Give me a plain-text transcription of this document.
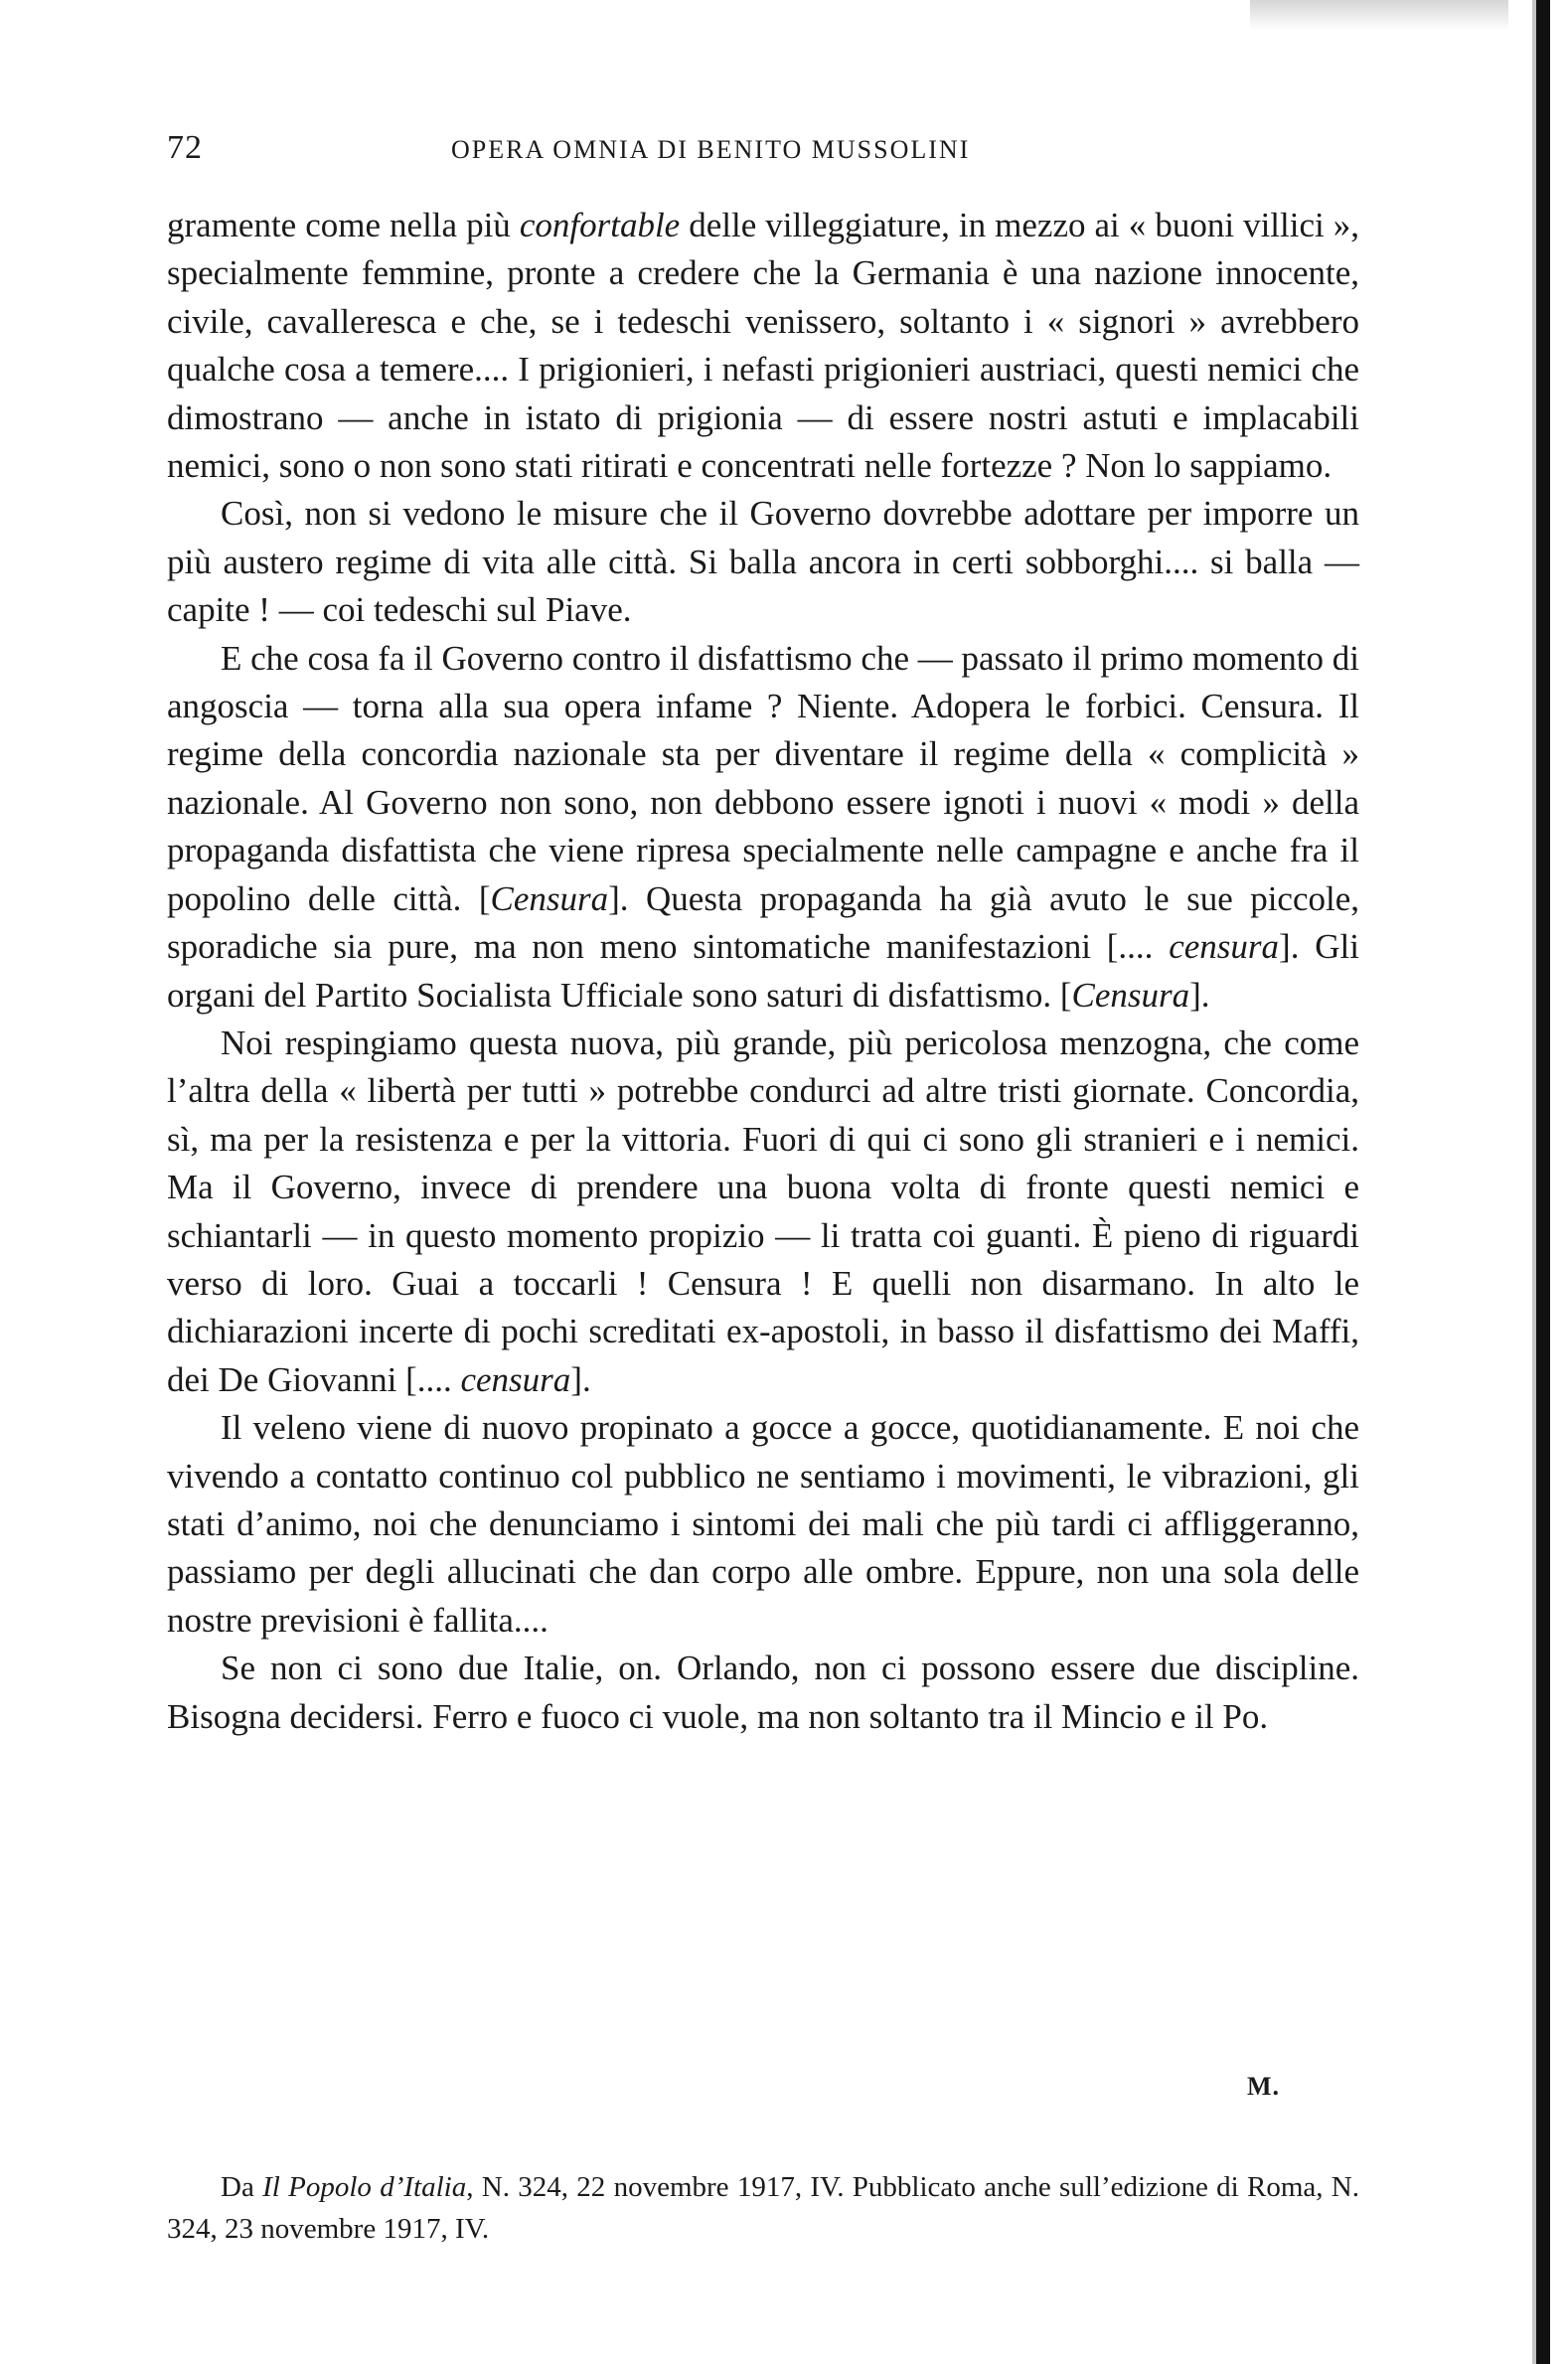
72	OPERA OMNIA DI BENITO MUSSOLINI

gramente come nella più confortable delle villeggiature, in mezzo ai « buoni villici », specialmente femmine, pronte a credere che la Germania è una nazione innocente, civile, cavalleresca e che, se i tedeschi venissero, soltanto i « signori » avrebbero qualche cosa a temere.... I prigionieri, i nefasti prigionieri austriaci, questi nemici che dimostrano — anche in istato di prigionia — di essere nostri astuti e implacabili nemici, sono o non sono stati ritirati e concentrati nelle fortezze ? Non lo sappiamo.

Così, non si vedono le misure che il Governo dovrebbe adottare per imporre un più austero regime di vita alle città. Si balla ancora in certi sobborghi.... si balla — capite ! — coi tedeschi sul Piave.

E che cosa fa il Governo contro il disfattismo che — passato il primo momento di angoscia — torna alla sua opera infame ? Niente. Adopera le forbici. Censura. Il regime della concordia nazionale sta per diventare il regime della « complicità » nazionale. Al Governo non sono, non debbono essere ignoti i nuovi « modi » della propaganda disfattista che viene ripresa specialmente nelle campagne e anche fra il popolino delle città. [Censura]. Questa propaganda ha già avuto le sue piccole, sporadiche sia pure, ma non meno sintomatiche manifestazioni [.... censura]. Gli organi del Partito Socialista Ufficiale sono saturi di disfattismo. [Censura].

Noi respingiamo questa nuova, più grande, più pericolosa menzogna, che come l’altra della « libertà per tutti » potrebbe condurci ad altre tristi giornate. Concordia, sì, ma per la resistenza e per la vittoria. Fuori di qui ci sono gli stranieri e i nemici. Ma il Governo, invece di prendere una buona volta di fronte questi nemici e schiantarli — in questo momento propizio — li tratta coi guanti. È pieno di riguardi verso di loro. Guai a toccarli ! Censura ! E quelli non disarmano. In alto le dichiarazioni incerte di pochi screditati ex-apostoli, in basso il disfattismo dei Maffi, dei De Giovanni [.... censura].

Il veleno viene di nuovo propinato a gocce a gocce, quotidianamente. E noi che vivendo a contatto continuo col pubblico ne sentiamo i movimenti, le vibrazioni, gli stati d’animo, noi che denunciamo i sintomi dei mali che più tardi ci affliggeranno, passiamo per degli allucinati che dan corpo alle ombre. Eppure, non una sola delle nostre previsioni è fallita....

Se non ci sono due Italie, on. Orlando, non ci possono essere due discipline. Bisogna decidersi. Ferro e fuoco ci vuole, ma non soltanto tra il Mincio e il Po.

M.

Da Il Popolo d’Italia, N. 324, 22 novembre 1917, IV. Pubblicato anche sull’edizione di Roma, N. 324, 23 novembre 1917, IV.
